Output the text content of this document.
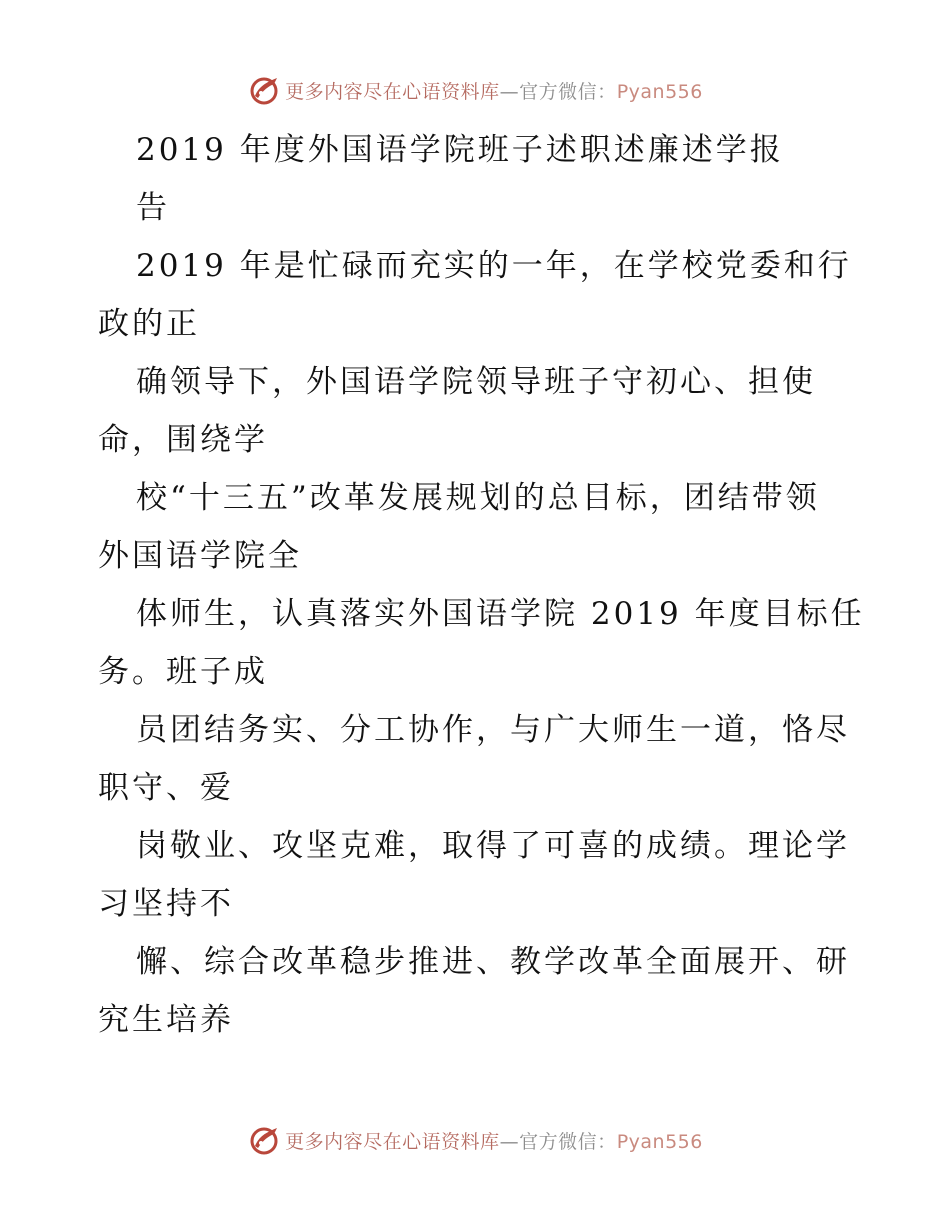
更多内容尽在心语资料库—官方微信：Pyan556
2019 年度外国语学院班子述职述廉述学报
告
2019 年是忙碌而充实的一年，在学校党委和行
政的正
确领导下，外国语学院领导班子守初心、担使
命，围绕学
校“十三五”改革发展规划的总目标，团结带领
外国语学院全
体师生，认真落实外国语学院 2019 年度目标任
务。班子成
员团结务实、分工协作，与广大师生一道，恪尽
职守、爱
岗敬业、攻坚克难，取得了可喜的成绩。理论学
习坚持不
懈、综合改革稳步推进、教学改革全面展开、研
究生培养
更多内容尽在心语资料库—官方微信：Pyan556
